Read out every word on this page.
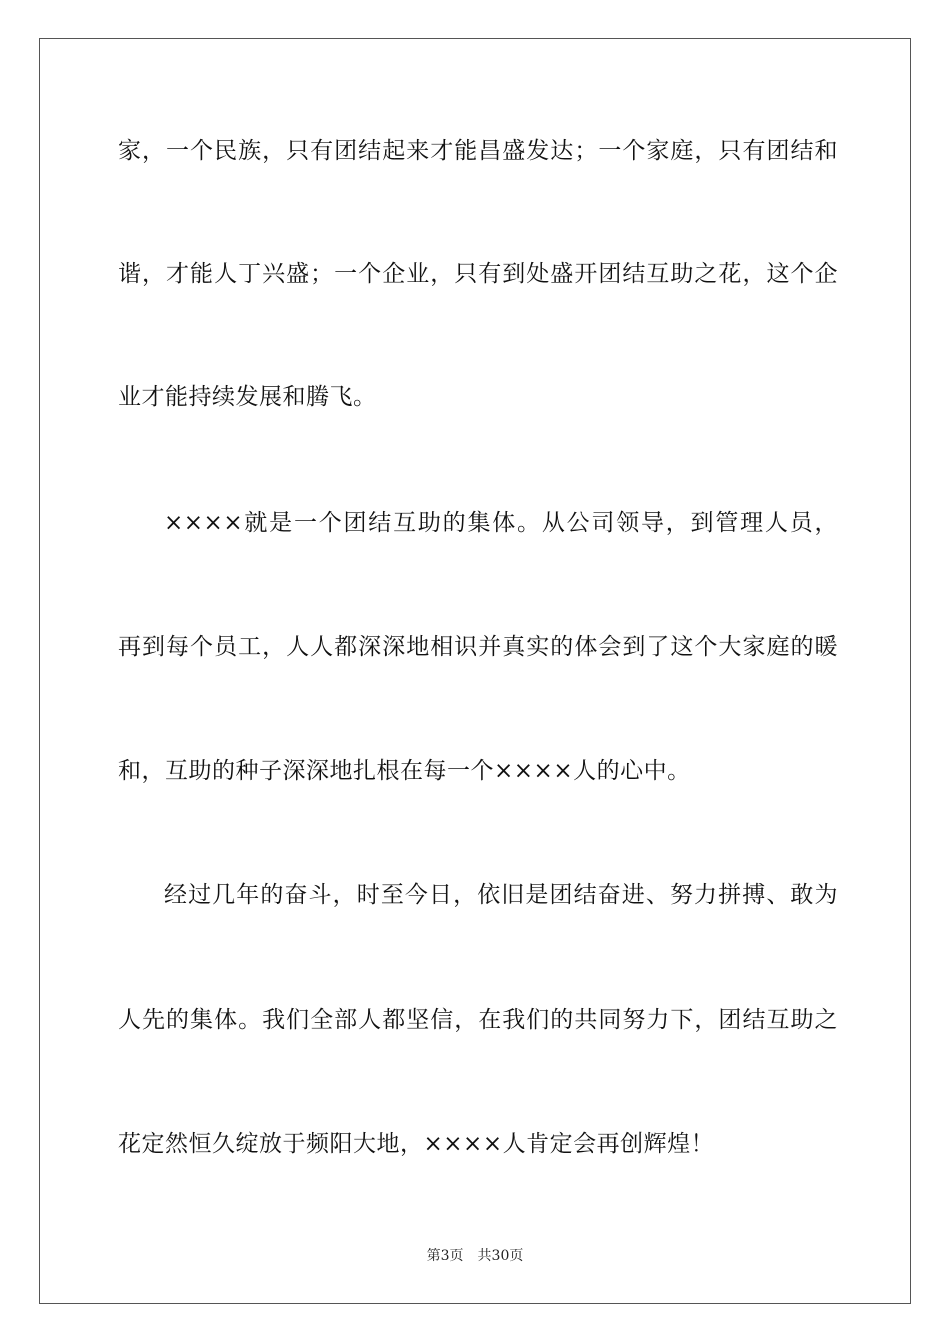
家，一个民族，只有团结起来才能昌盛发达；一个家庭，只有团结和
谐，才能人丁兴盛；一个企业，只有到处盛开团结互助之花，这个企
业才能持续发展和腾飞。
××××就是一个团结互助的集体。从公司领导，到管理人员，
再到每个员工，人人都深深地相识并真实的体会到了这个大家庭的暖
和，互助的种子深深地扎根在每一个××××人的心中。
经过几年的奋斗，时至今日，依旧是团结奋进、努力拼搏、敢为
人先的集体。我们全部人都坚信，在我们的共同努力下，团结互助之
花定然恒久绽放于频阳大地，××××人肯定会再创辉煌！
第3页 共30页
